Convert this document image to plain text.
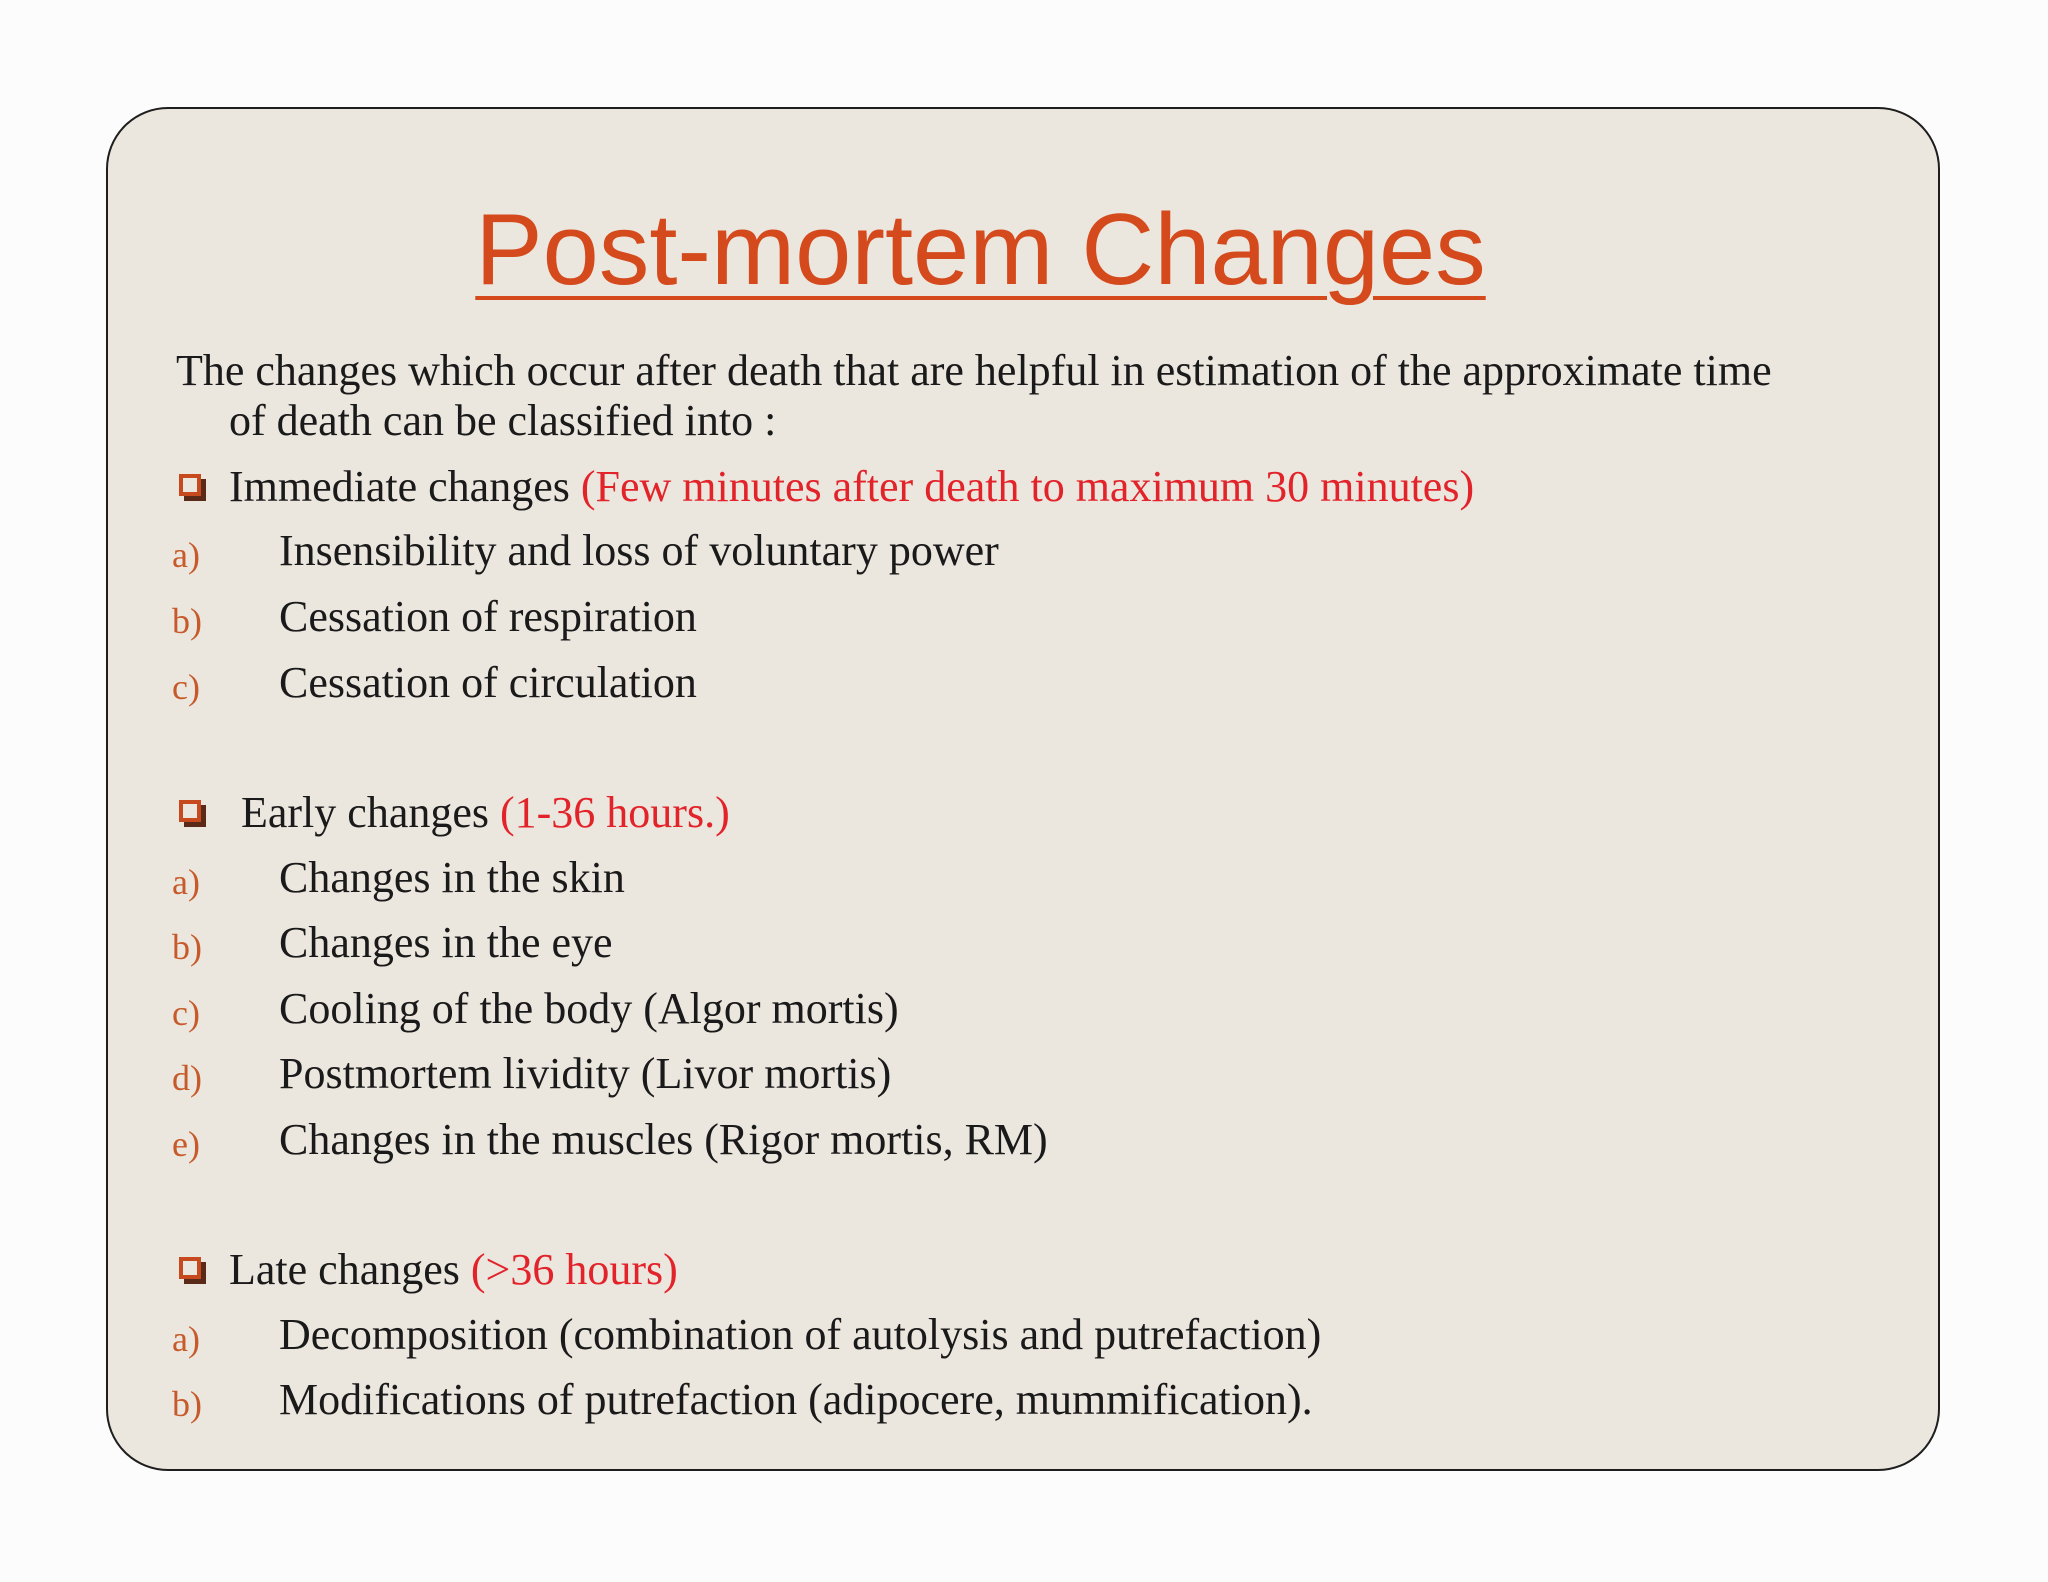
Post-mortem Changes
The changes which occur after death that are helpful in estimation of the approximate time
of death can be classified into :
Immediate changes (Few minutes after death to maximum 30 minutes)
a) Insensibility and loss of voluntary power
b) Cessation of respiration
c) Cessation of circulation
Early changes (1-36 hours.)
a) Changes in the skin
b) Changes in the eye
c) Cooling of the body (Algor mortis)
d) Postmortem lividity (Livor mortis)
e) Changes in the muscles (Rigor mortis, RM)
Late changes (>36 hours)
a) Decomposition (combination of autolysis and putrefaction)
b) Modifications of putrefaction (adipocere, mummification).
